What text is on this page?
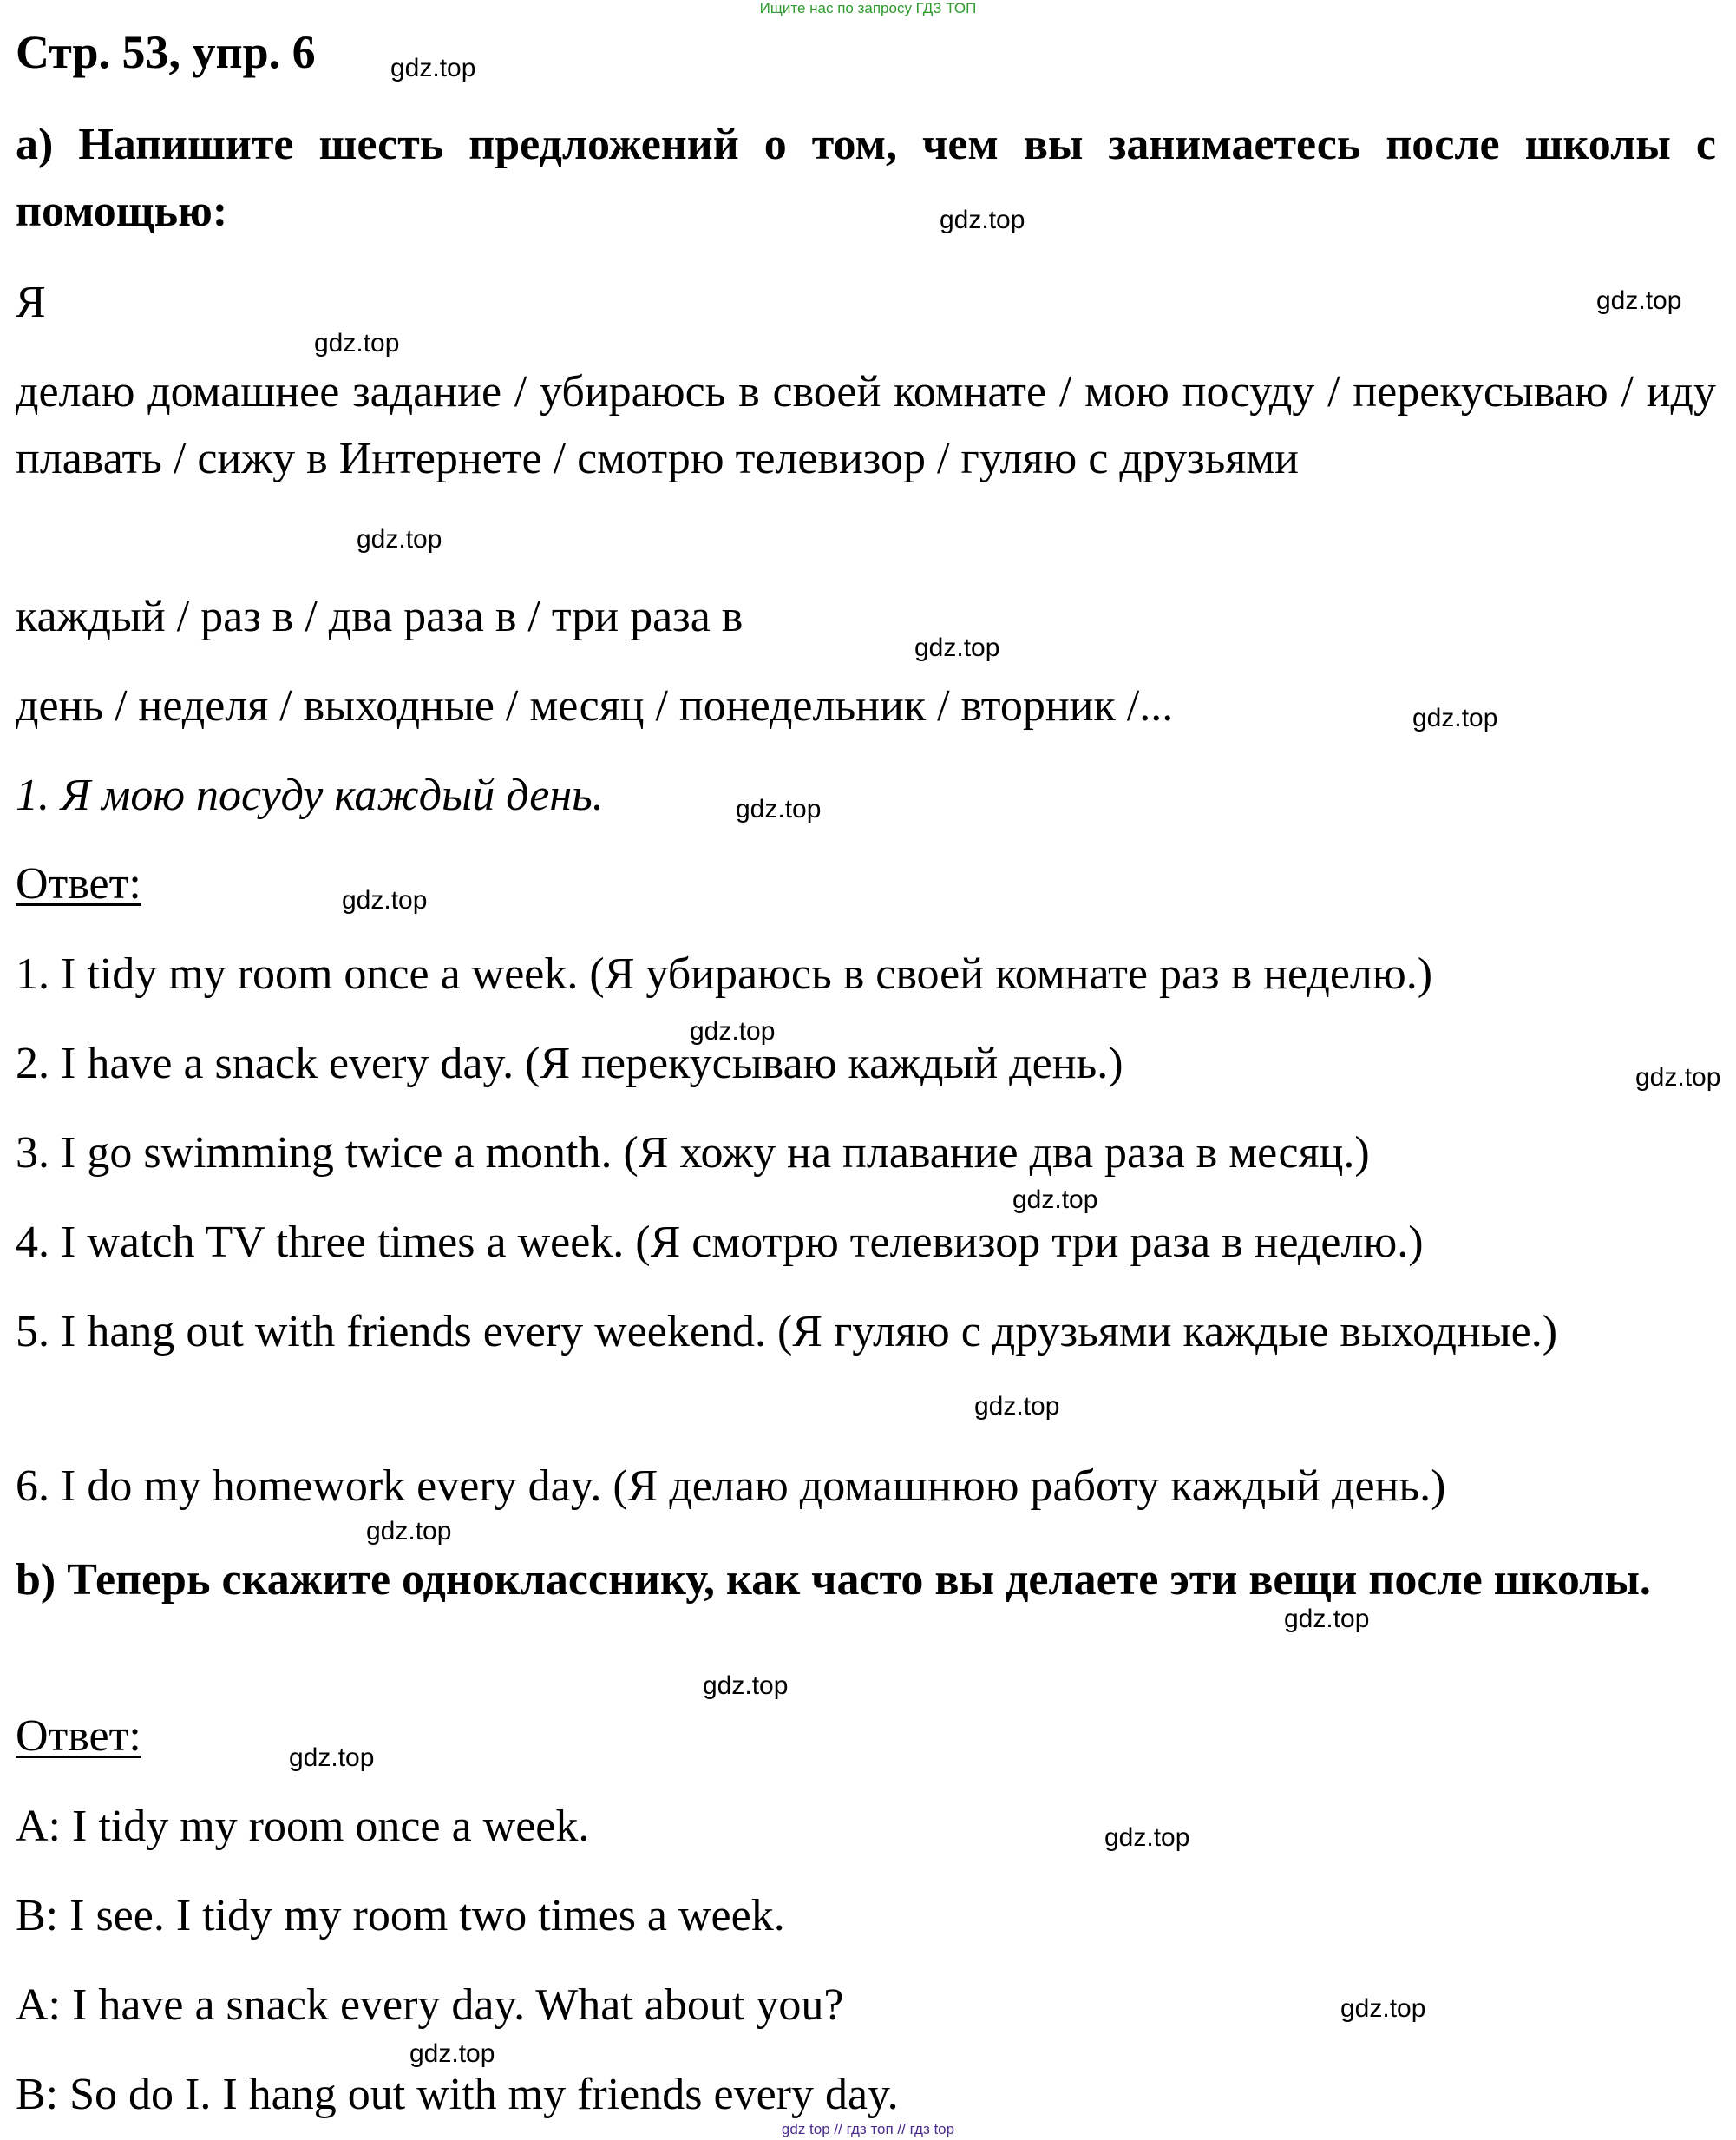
Ищите нас по запросу ГДЗ ТОП
Стр. 53, упр. 6	gdz.top
a) Напишите шесть предложений о том, чем вы занимаетесь после школы с помощью:	gdz.top
Я	gdz.top
gdz.top
делаю домашнее задание / убираюсь в своей комнате / мою посуду / перекусываю / иду плавать / сижу в Интернете / смотрю телевизор / гуляю с друзьями
gdz.top
каждый / раз в / два раза в / три раза в
gdz.top
день / неделя / выходные / месяц / понедельник / вторник /...	gdz.top
1. Я мою посуду каждый день.	gdz.top
Ответ:	gdz.top
1. I tidy my room once a week. (Я убираюсь в своей комнате раз в неделю.)
gdz.top
2. I have a snack every day. (Я перекусываю каждый день.)	gdz.top
3. I go swimming twice a month. (Я хожу на плавание два раза в месяц.)
gdz.top
4. I watch TV three times a week. (Я смотрю телевизор три раза в неделю.)
5. I hang out with friends every weekend. (Я гуляю с друзьями каждые выходные.)
gdz.top
6. I do my homework every day. (Я делаю домашнюю работу каждый день.)
gdz.top
b) Теперь скажите однокласснику, как часто вы делаете эти вещи после школы.
gdz.top
gdz.top
Ответ:	gdz.top
A: I tidy my room once a week.	gdz.top
B: I see. I tidy my room two times a week.
A: I have a snack every day. What about you?	gdz.top
gdz.top
B: So do I. I hang out with my friends every day.
gdz top // гдз топ // гдз top
